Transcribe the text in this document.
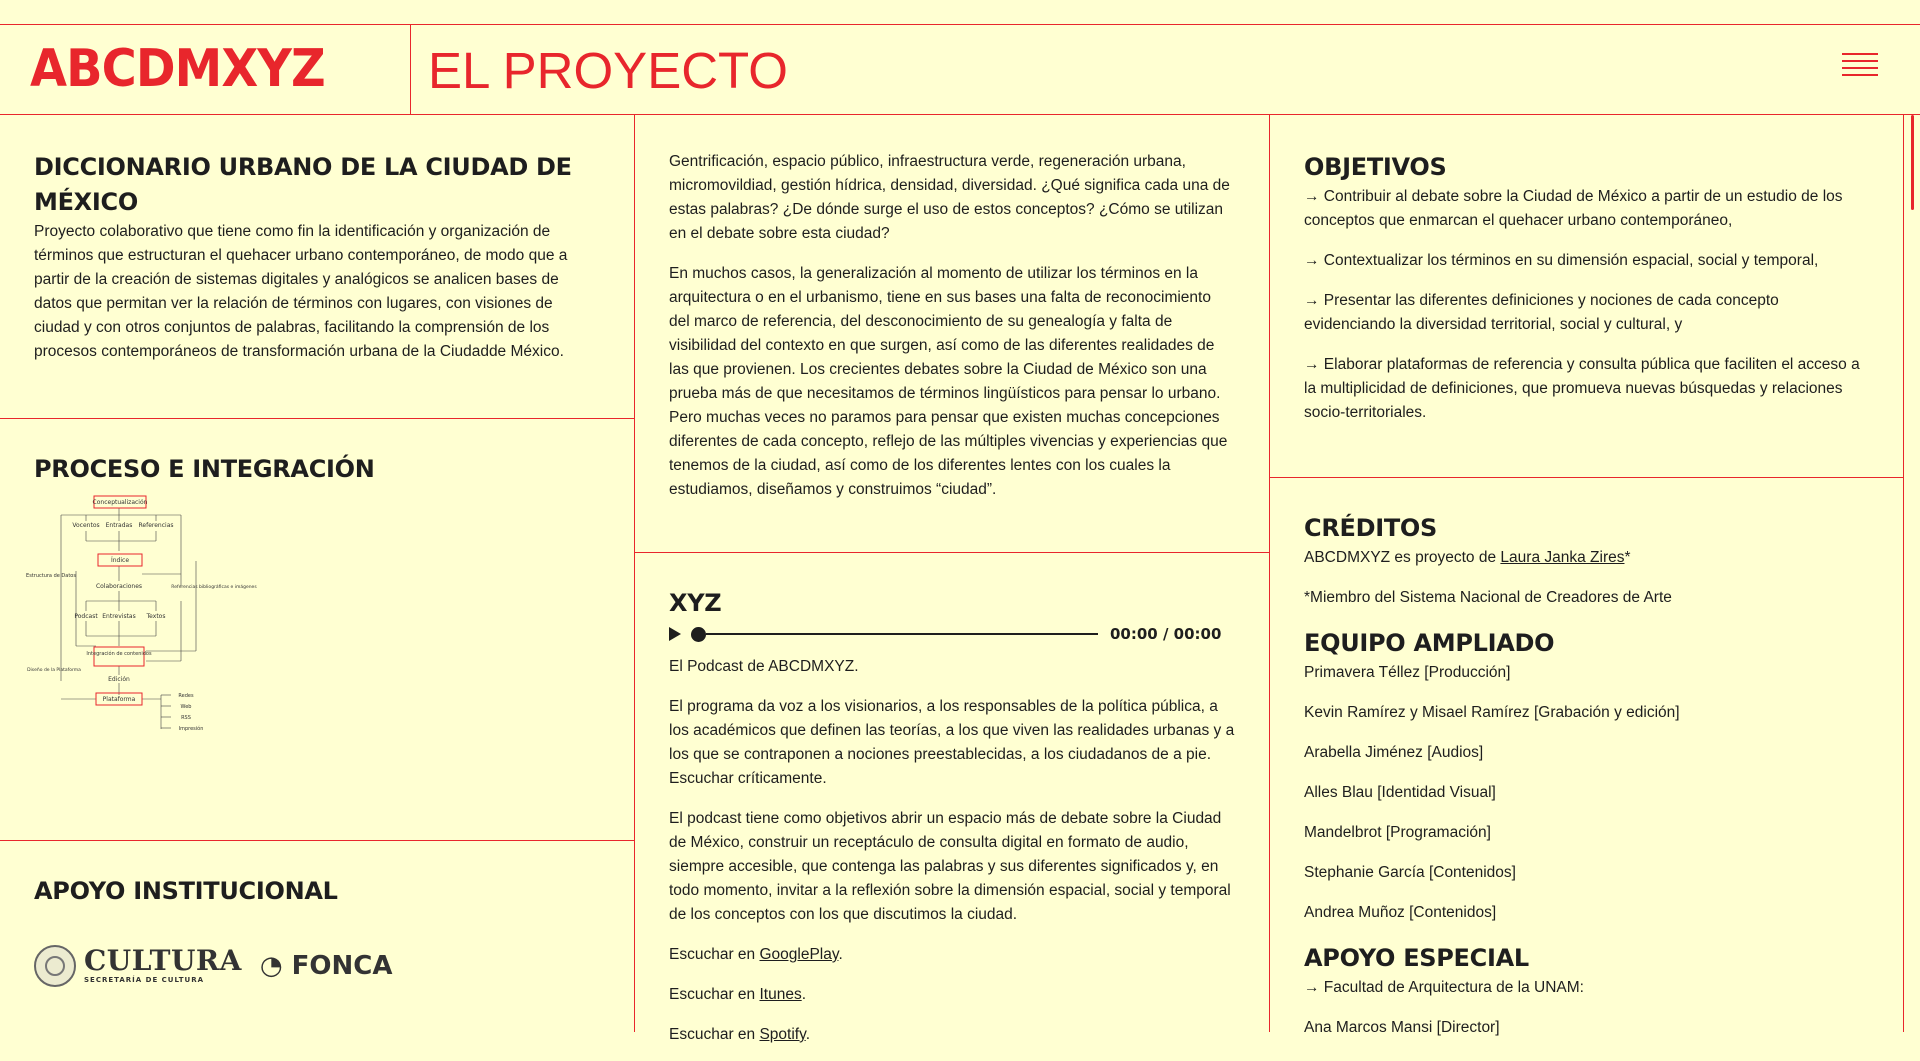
ABCDMXYZ EL PROYECTO
DICCIONARIO URBANO DE LA CIUDAD DE MÉXICO

Proyecto colaborativo que tiene como fin la identificación y organización de términos que estructuran el quehacer urbano contemporáneo, de modo que a partir de la creación de sistemas digitales y analógicos se analicen bases de datos que permitan ver la relación de términos con lugares, con visiones de ciudad y con otros conjuntos de palabras, facilitando la comprensión de los procesos contemporáneos de transformación urbana de la Ciudadde México.

PROCESO E INTEGRACIÓN
Conceptualización
Vocentos Entradas Referencias
Índice
Estructura de Datos
Colaboraciones	Referencias bibliográficas e imágenes
Podcast Entrevistas Textos
Integración de contenidos
Edición
Diseño de la Plataforma
Plataforma	Redes
Web
RSS
Impresión
APOYO INSTITUCIONAL
CULTURA
SECRETARÍA DE CULTURA	◔ FONCA

Gentrificación, espacio público, infraestructura verde, regeneración urbana, micromovildiad, gestión hídrica, densidad, diversidad. ¿Qué significa cada una de estas palabras? ¿De dónde surge el uso de estos conceptos? ¿Cómo se utilizan en el debate sobre esta ciudad?

En muchos casos, la generalización al momento de utilizar los términos en la arquitectura o en el urbanismo, tiene en sus bases una falta de reconocimiento del marco de referencia, del desconocimiento de su genealogía y falta de visibilidad del contexto en que surgen, así como de las diferentes realidades de las que provienen. Los crecientes debates sobre la Ciudad de México son una prueba más de que necesitamos de términos lingüísticos para pensar lo urbano. Pero muchas veces no paramos para pensar que existen muchas concepciones diferentes de cada concepto, reflejo de las múltiples vivencias y experiencias que tenemos de la ciudad, así como de los diferentes lentes con los cuales la estudiamos, diseñamos y construimos “ciudad”.

XYZ
00:00 / 00:00

El Podcast de ABCDMXYZ.

El programa da voz a los visionarios, a los responsables de la política pública, a los académicos que definen las teorías, a los que viven las realidades urbanas y a los que se contraponen a nociones preestablecidas, a los ciudadanos de a pie. Escuchar críticamente.

El podcast tiene como objetivos abrir un espacio más de debate sobre la Ciudad de México, construir un receptáculo de consulta digital en formato de audio, siempre accesible, que contenga las palabras y sus diferentes significados y, en todo momento, invitar a la reflexión sobre la dimensión espacial, social y temporal de los conceptos con los que discutimos la ciudad.

Escuchar en GooglePlay.

Escuchar en Itunes.

Escuchar en Spotify.

OBJETIVOS

→ Contribuir al debate sobre la Ciudad de México a partir de un estudio de los conceptos que enmarcan el quehacer urbano contemporáneo,

→ Contextualizar los términos en su dimensión espacial, social y temporal,

→ Presentar las diferentes definiciones y nociones de cada concepto evidenciando la diversidad territorial, social y cultural, y

→ Elaborar plataformas de referencia y consulta pública que faciliten el acceso a la multiplicidad de definiciones, que promueva nuevas búsquedas y relaciones socio-territoriales.

CRÉDITOS

ABCDMXYZ es proyecto de Laura Janka Zires*

*Miembro del Sistema Nacional de Creadores de Arte

EQUIPO AMPLIADO

Primavera Téllez [Producción]

Kevin Ramírez y Misael Ramírez [Grabación y edición]

Arabella Jiménez [Audios]

Alles Blau [Identidad Visual]

Mandelbrot [Programación]

Stephanie García [Contenidos]

Andrea Muñoz [Contenidos]

APOYO ESPECIAL

→ Facultad de Arquitectura de la UNAM:

Ana Marcos Mansi [Director]
